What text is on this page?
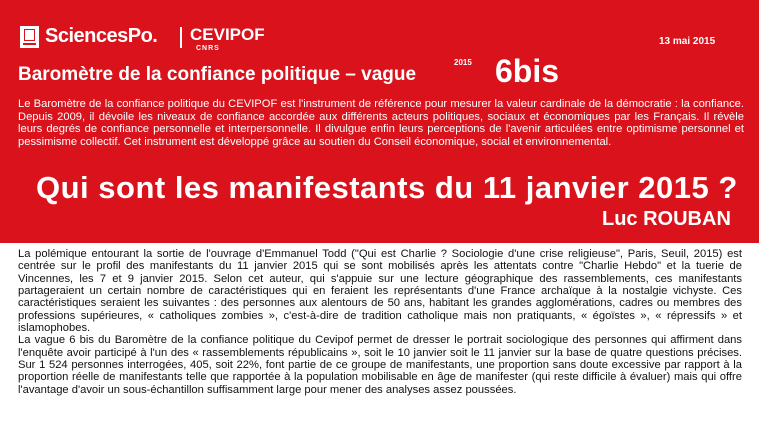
SciencesPo. CEVIPOF
CNRS
13 mai 2015
Baromètre de la confiance politique – vague
2015 6bis

Le Baromètre de la confiance politique du CEVIPOF est l'instrument de référence pour mesurer la valeur cardinale de la démocratie : la confiance. Depuis 2009, il dévoile les niveaux de confiance accordée aux différents acteurs politiques, sociaux et économiques par les Français. Il révèle leurs degrés de confiance personnelle et interpersonnelle. Il divulgue enfin leurs perceptions de l'avenir articulées entre optimisme personnel et pessimisme collectif. Cet instrument est développé grâce au soutien du Conseil économique, social et environnemental.

Qui sont les manifestants du 11 janvier 2015 ?
Luc ROUBAN

La polémique entourant la sortie de l'ouvrage d'Emmanuel Todd ("Qui est Charlie ? Sociologie d'une crise religieuse", Paris, Seuil, 2015) est centrée sur le profil des manifestants du 11 janvier 2015 qui se sont mobilisés après les attentats contre "Charlie Hebdo" et la tuerie de Vincennes, les 7 et 9 janvier 2015. Selon cet auteur, qui s'appuie sur une lecture géographique des rassemblements, ces manifestants partageraient un certain nombre de caractéristiques qui en feraient les représentants d'une France archaïque à la nostalgie vichyste. Ces caractéristiques seraient les suivantes : des personnes aux alentours de 50 ans, habitant les grandes agglomérations, cadres ou membres des professions supérieures, « catholiques zombies », c'est-à-dire de tradition catholique mais non pratiquants, « égoïstes », « répressifs » et islamophobes.

La vague 6 bis du Baromètre de la confiance politique du Cevipof permet de dresser le portrait sociologique des personnes qui affirment dans l'enquête avoir participé à l'un des « rassemblements républicains », soit le 10 janvier soit le 11 janvier sur la base de quatre questions précises. Sur 1 524 personnes interrogées, 405, soit 22%, font partie de ce groupe de manifestants, une proportion sans doute excessive par rapport à la proportion réelle de manifestants telle que rapportée à la population mobilisable en âge de manifester (qui reste difficile à évaluer) mais qui offre l'avantage d'avoir un sous-échantillon suffisamment large pour mener des analyses assez poussées.
